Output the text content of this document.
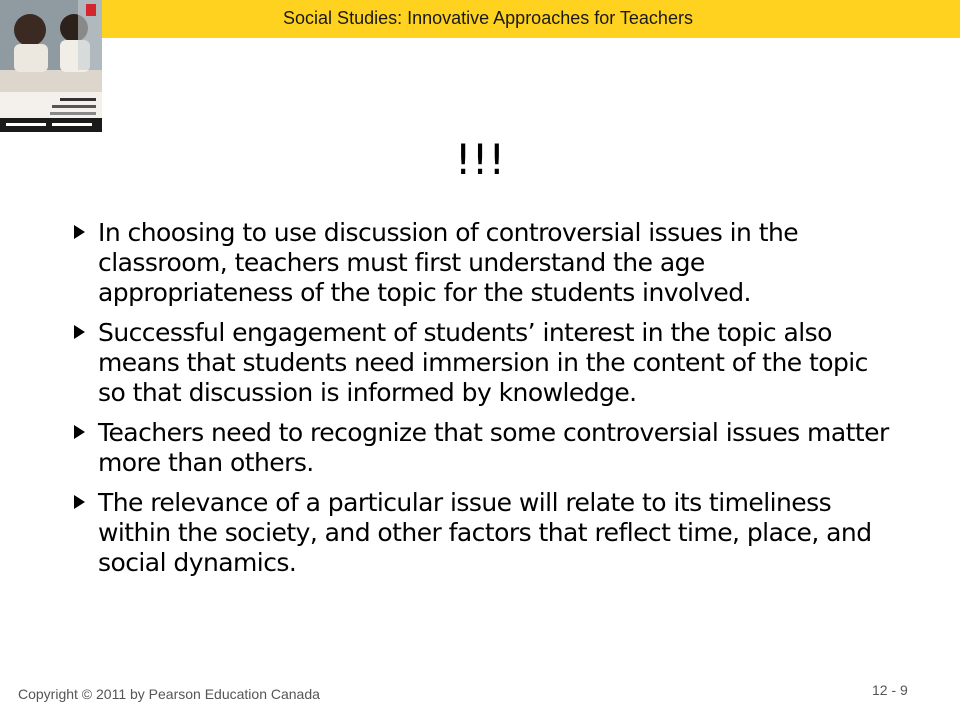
Social Studies: Innovative Approaches for Teachers
!!!
In choosing to use discussion of controversial issues in the classroom, teachers must first understand the age appropriateness of the topic for the students involved.
Successful engagement of students’ interest in the topic also means that students need immersion in the content of the topic so that discussion is informed by knowledge.
Teachers need to recognize that some controversial issues matter more than others.
The relevance of a particular issue will relate to its timeliness within the society, and other factors that reflect time, place, and social dynamics.
Copyright © 2011 by Pearson Education Canada	12 - 9
